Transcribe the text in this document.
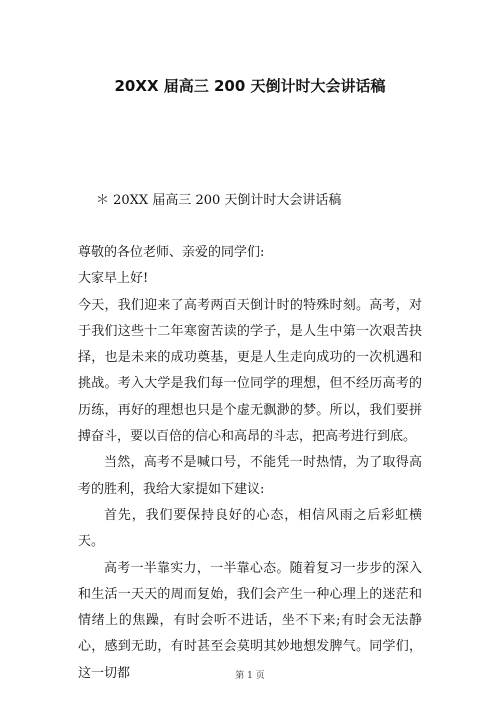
20XX 届高三 200 天倒计时大会讲话稿
＊ 20XX 届高三 200 天倒计时大会讲话稿

尊敬的各位老师、亲爱的同学们:

大家早上好!

今天，我们迎来了高考两百天倒计时的特殊时刻。高考，对于我们这些十二年寒窗苦读的学子，是人生中第一次艰苦抉择，也是未来的成功奠基，更是人生走向成功的一次机遇和挑战。考入大学是我们每一位同学的理想，但不经历高考的历练，再好的理想也只是个虚无飘渺的梦。所以，我们要拼搏奋斗，要以百倍的信心和高昂的斗志，把高考进行到底。

当然，高考不是喊口号，不能凭一时热情，为了取得高考的胜利，我给大家提如下建议:

首先，我们要保持良好的心态，相信风雨之后彩虹横天。

高考一半靠实力，一半靠心态。随着复习一步步的深入和生活一天天的周而复始，我们会产生一种心理上的迷茫和情绪上的焦躁，有时会听不进话，坐不下来;有时会无法静心，感到无助，有时甚至会莫明其妙地想发脾气。同学们，这一切都	第 1 页
